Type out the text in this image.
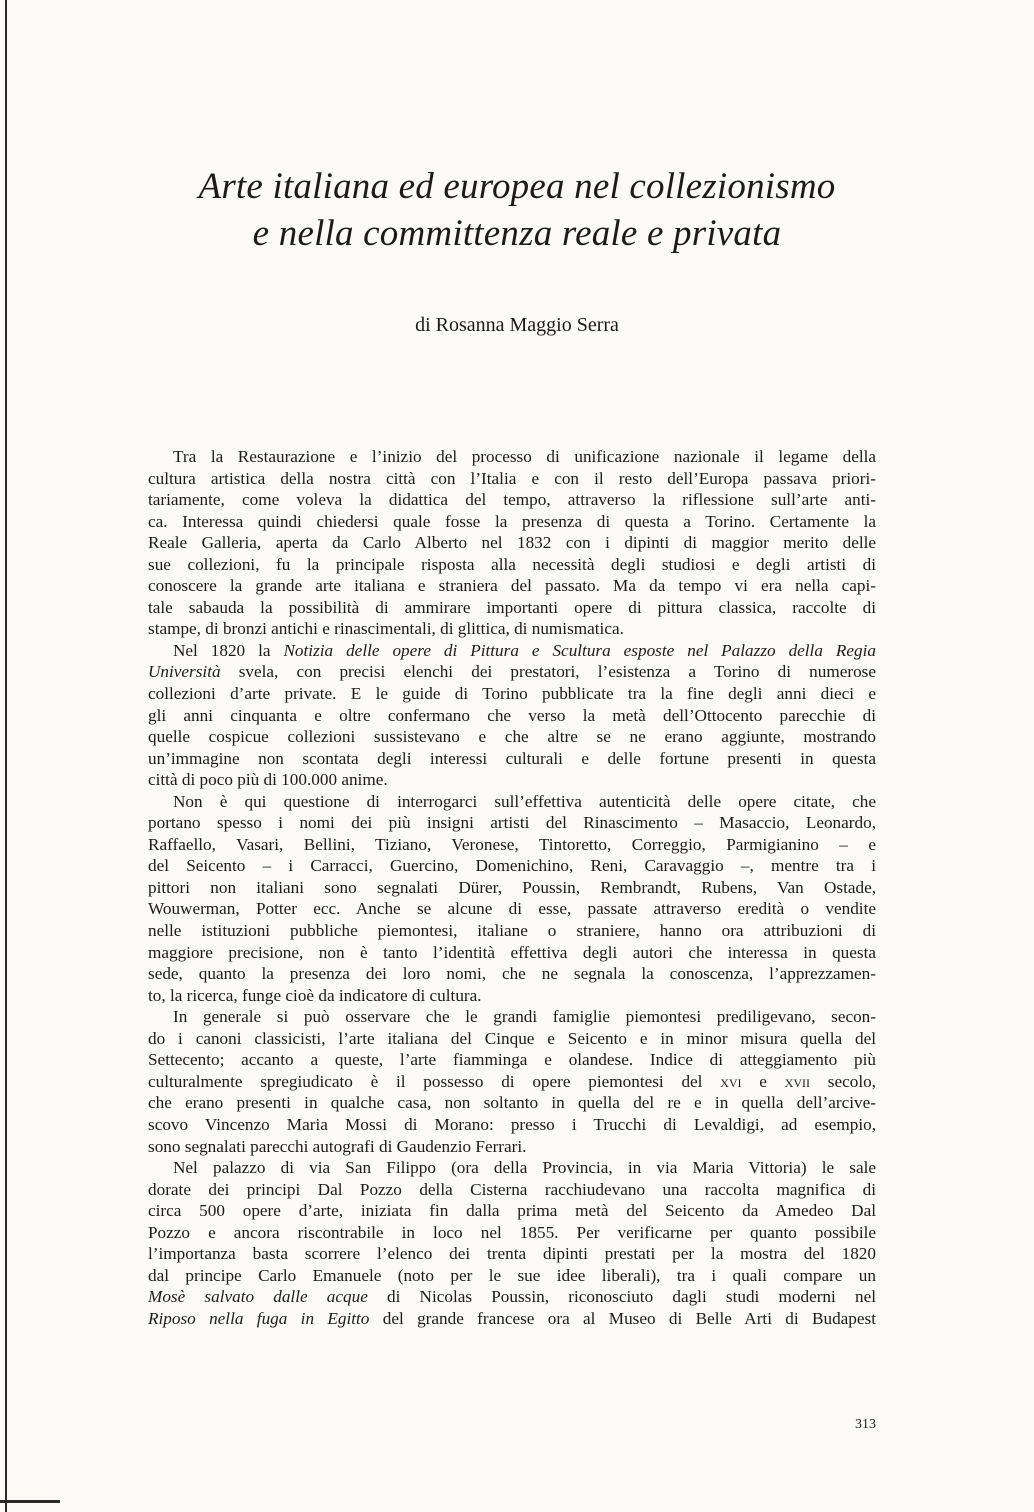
Arte italiana ed europea nel collezionismo
e nella committenza reale e privata
di Rosanna Maggio Serra
Tra la Restaurazione e l’inizio del processo di unificazione nazionale il legame della
cultura artistica della nostra città con l’Italia e con il resto dell’Europa passava priori-
tariamente, come voleva la didattica del tempo, attraverso la riflessione sull’arte anti-
ca. Interessa quindi chiedersi quale fosse la presenza di questa a Torino. Certamente la
Reale Galleria, aperta da Carlo Alberto nel 1832 con i dipinti di maggior merito delle
sue collezioni, fu la principale risposta alla necessità degli studiosi e degli artisti di
conoscere la grande arte italiana e straniera del passato. Ma da tempo vi era nella capi-
tale sabauda la possibilità di ammirare importanti opere di pittura classica, raccolte di
stampe, di bronzi antichi e rinascimentali, di glittica, di numismatica.
Nel 1820 la Notizia delle opere di Pittura e Scultura esposte nel Palazzo della Regia
Università svela, con precisi elenchi dei prestatori, l’esistenza a Torino di numerose
collezioni d’arte private. E le guide di Torino pubblicate tra la fine degli anni dieci e
gli anni cinquanta e oltre confermano che verso la metà dell’Ottocento parecchie di
quelle cospicue collezioni sussistevano e che altre se ne erano aggiunte, mostrando
un’immagine non scontata degli interessi culturali e delle fortune presenti in questa
città di poco più di 100.000 anime.
Non è qui questione di interrogarci sull’effettiva autenticità delle opere citate, che
portano spesso i nomi dei più insigni artisti del Rinascimento – Masaccio, Leonardo,
Raffaello, Vasari, Bellini, Tiziano, Veronese, Tintoretto, Correggio, Parmigianino – e
del Seicento – i Carracci, Guercino, Domenichino, Reni, Caravaggio –, mentre tra i
pittori non italiani sono segnalati Dürer, Poussin, Rembrandt, Rubens, Van Ostade,
Wouwerman, Potter ecc. Anche se alcune di esse, passate attraverso eredità o vendite
nelle istituzioni pubbliche piemontesi, italiane o straniere, hanno ora attribuzioni di
maggiore precisione, non è tanto l’identità effettiva degli autori che interessa in questa
sede, quanto la presenza dei loro nomi, che ne segnala la conoscenza, l’apprezzamen-
to, la ricerca, funge cioè da indicatore di cultura.
In generale si può osservare che le grandi famiglie piemontesi prediligevano, secon-
do i canoni classicisti, l’arte italiana del Cinque e Seicento e in minor misura quella del
Settecento; accanto a queste, l’arte fiamminga e olandese. Indice di atteggiamento più
culturalmente spregiudicato è il possesso di opere piemontesi del xvi e xvii secolo,
che erano presenti in qualche casa, non soltanto in quella del re e in quella dell’arcive-
scovo Vincenzo Maria Mossi di Morano: presso i Trucchi di Levaldigi, ad esempio,
sono segnalati parecchi autografi di Gaudenzio Ferrari.
Nel palazzo di via San Filippo (ora della Provincia, in via Maria Vittoria) le sale
dorate dei principi Dal Pozzo della Cisterna racchiudevano una raccolta magnifica di
circa 500 opere d’arte, iniziata fin dalla prima metà del Seicento da Amedeo Dal
Pozzo e ancora riscontrabile in loco nel 1855. Per verificarne per quanto possibile
l’importanza basta scorrere l’elenco dei trenta dipinti prestati per la mostra del 1820
dal principe Carlo Emanuele (noto per le sue idee liberali), tra i quali compare un
Mosè salvato dalle acque di Nicolas Poussin, riconosciuto dagli studi moderni nel
Riposo nella fuga in Egitto del grande francese ora al Museo di Belle Arti di Budapest
313
